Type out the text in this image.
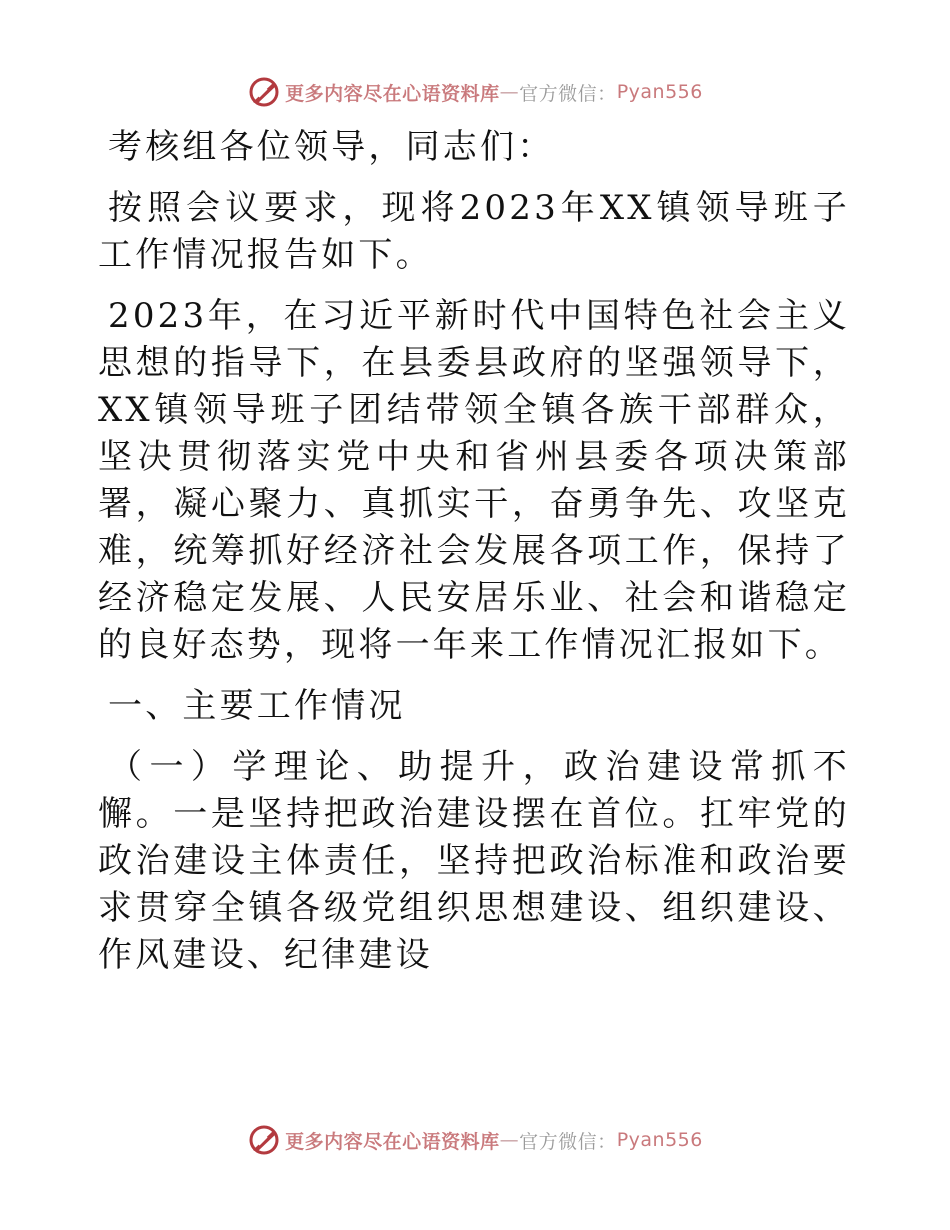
更多内容尽在心语资料库 — 官方微信： Pyan556

考核组各位领导，同志们：

按照会议要求，现将2023年XX镇领导班子工作情况报告如下。

2023年，在习近平新时代中国特色社会主义思想的指导下，在县委县政府的坚强领导下，XX镇领导班子团结带领全镇各族干部群众，坚决贯彻落实党中央和省州县委各项决策部署，凝心聚力、真抓实干，奋勇争先、攻坚克难，统筹抓好经济社会发展各项工作，保持了经济稳定发展、人民安居乐业、社会和谐稳定的良好态势，现将一年来工作情况汇报如下。

一、主要工作情况

（一）学理论、助提升，政治建设常抓不懈。一是坚持把政治建设摆在首位。扛牢党的政治建设主体责任，坚持把政治标准和政治要求贯穿全镇各级党组织思想建设、组织建设、作风建设、纪律建设

更多内容尽在心语资料库 — 官方微信： Pyan556
